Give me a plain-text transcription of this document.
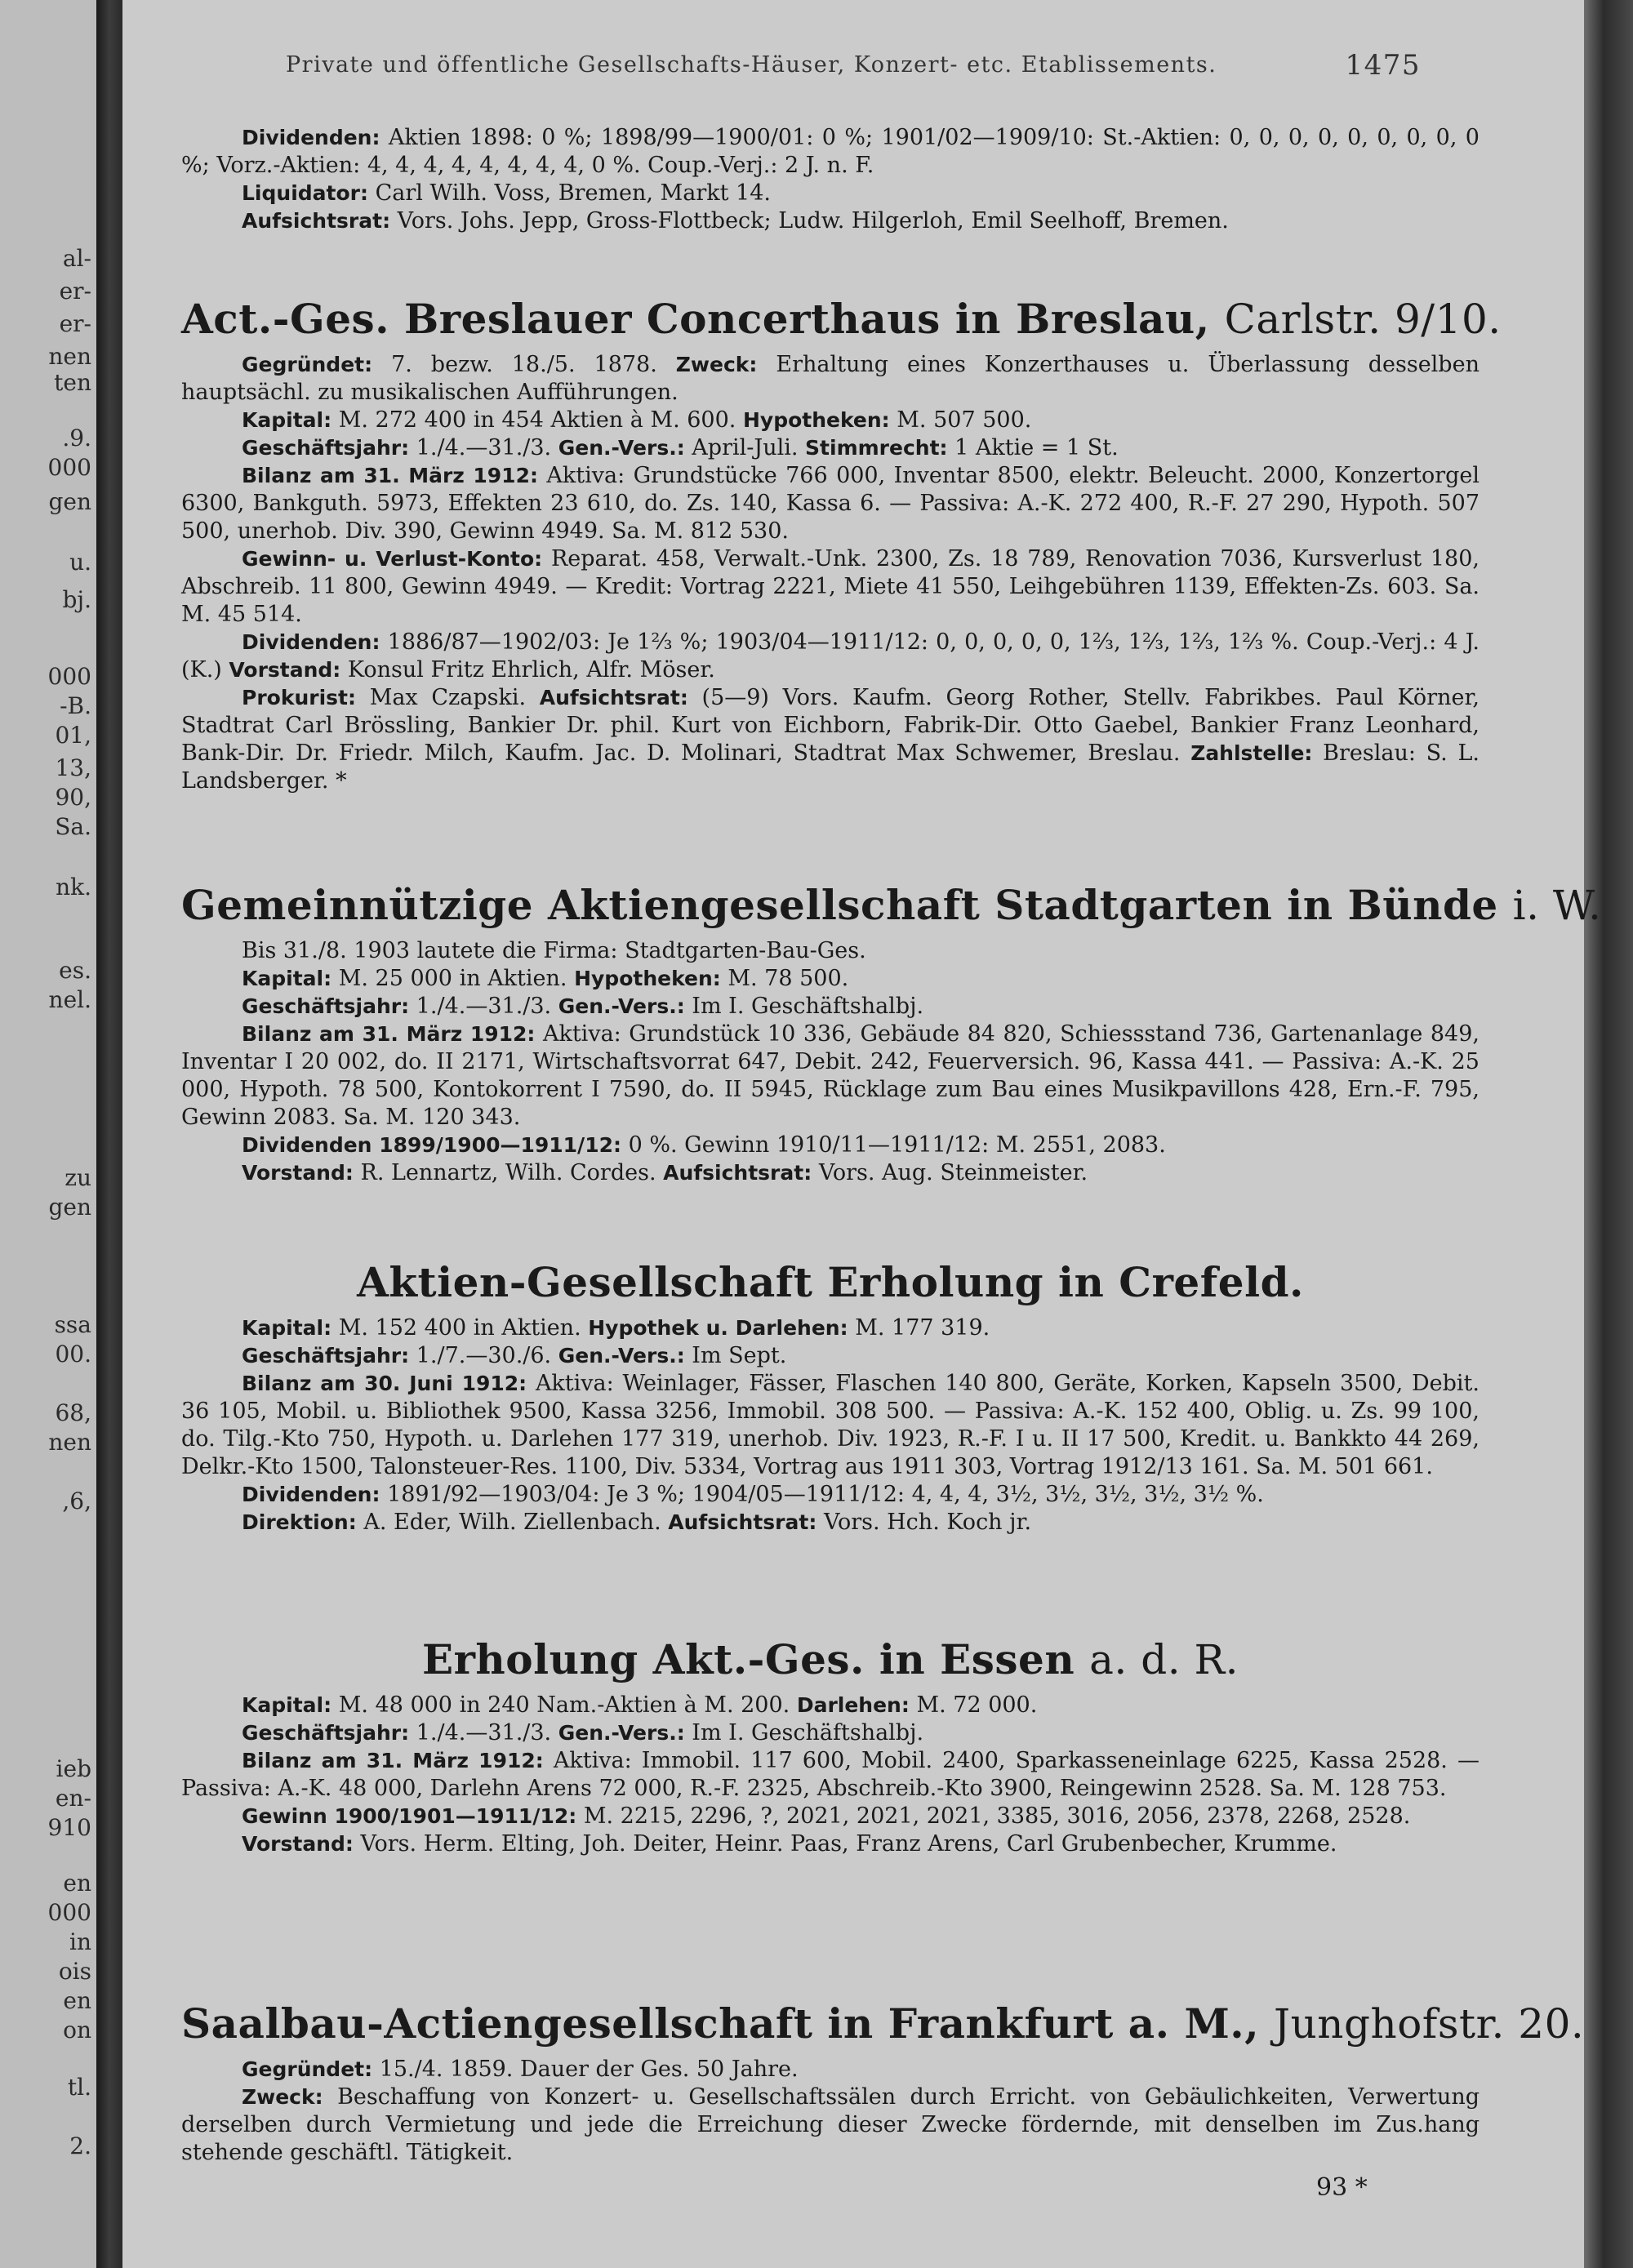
al-
er-
er-
nen
ten
.9.
000
gen
u.
bj.
000
-B.
01,
13,
90,
Sa.
nk.
es.
nel.
zu
gen
ssa
00.
68,
nen
,6,
ieb
en-
910
en
000
in
ois
en
on
tl.
2.
Private und öffentliche Gesellschafts-Häuser, Konzert- etc. Etablissements.	1475

Dividenden: Aktien 1898: 0 %; 1898/99—1900/01: 0 %; 1901/02—1909/10: St.-Aktien: 0, 0, 0, 0, 0, 0, 0, 0, 0 %; Vorz.-Aktien: 4, 4, 4, 4, 4, 4, 4, 4, 0 %. Coup.-Verj.: 2 J. n. F.

Liquidator: Carl Wilh. Voss, Bremen, Markt 14.

Aufsichtsrat: Vors. Johs. Jepp, Gross-Flottbeck; Ludw. Hilgerloh, Emil Seelhoff, Bremen.

Act.-Ges. Breslauer Concerthaus in Breslau, Carlstr. 9/10.

Gegründet: 7. bezw. 18./5. 1878. Zweck: Erhaltung eines Konzerthauses u. Überlassung desselben hauptsächl. zu musikalischen Aufführungen.

Kapital: M. 272 400 in 454 Aktien à M. 600. Hypotheken: M. 507 500.

Geschäftsjahr: 1./4.—31./3. Gen.-Vers.: April-Juli. Stimmrecht: 1 Aktie = 1 St.

Bilanz am 31. März 1912: Aktiva: Grundstücke 766 000, Inventar 8500, elektr. Beleucht. 2000, Konzertorgel 6300, Bankguth. 5973, Effekten 23 610, do. Zs. 140, Kassa 6. — Passiva: A.-K. 272 400, R.-F. 27 290, Hypoth. 507 500, unerhob. Div. 390, Gewinn 4949. Sa. M. 812 530.

Gewinn- u. Verlust-Konto: Reparat. 458, Verwalt.-Unk. 2300, Zs. 18 789, Renovation 7036, Kursverlust 180, Abschreib. 11 800, Gewinn 4949. — Kredit: Vortrag 2221, Miete 41 550, Leihgebühren 1139, Effekten-Zs. 603. Sa. M. 45 514.

Dividenden: 1886/87—1902/03: Je 1⅔ %; 1903/04—1911/12: 0, 0, 0, 0, 0, 1⅔, 1⅔, 1⅔, 1⅔ %. Coup.-Verj.: 4 J. (K.) Vorstand: Konsul Fritz Ehrlich, Alfr. Möser.

Prokurist: Max Czapski. Aufsichtsrat: (5—9) Vors. Kaufm. Georg Rother, Stellv. Fabrikbes. Paul Körner, Stadtrat Carl Brössling, Bankier Dr. phil. Kurt von Eichborn, Fabrik-Dir. Otto Gaebel, Bankier Franz Leonhard, Bank-Dir. Dr. Friedr. Milch, Kaufm. Jac. D. Molinari, Stadtrat Max Schwemer, Breslau. Zahlstelle: Breslau: S. L. Landsberger. *

Gemeinnützige Aktiengesellschaft Stadtgarten in Bünde i. W.

Bis 31./8. 1903 lautete die Firma: Stadtgarten-Bau-Ges.

Kapital: M. 25 000 in Aktien. Hypotheken: M. 78 500.

Geschäftsjahr: 1./4.—31./3. Gen.-Vers.: Im I. Geschäftshalbj.

Bilanz am 31. März 1912: Aktiva: Grundstück 10 336, Gebäude 84 820, Schiessstand 736, Gartenanlage 849, Inventar I 20 002, do. II 2171, Wirtschaftsvorrat 647, Debit. 242, Feuerversich. 96, Kassa 441. — Passiva: A.-K. 25 000, Hypoth. 78 500, Kontokorrent I 7590, do. II 5945, Rücklage zum Bau eines Musikpavillons 428, Ern.-F. 795, Gewinn 2083. Sa. M. 120 343.

Dividenden 1899/1900—1911/12: 0 %. Gewinn 1910/11—1911/12: M. 2551, 2083.

Vorstand: R. Lennartz, Wilh. Cordes. Aufsichtsrat: Vors. Aug. Steinmeister.

Aktien-Gesellschaft Erholung in Crefeld.

Kapital: M. 152 400 in Aktien. Hypothek u. Darlehen: M. 177 319.

Geschäftsjahr: 1./7.—30./6. Gen.-Vers.: Im Sept.

Bilanz am 30. Juni 1912: Aktiva: Weinlager, Fässer, Flaschen 140 800, Geräte, Korken, Kapseln 3500, Debit. 36 105, Mobil. u. Bibliothek 9500, Kassa 3256, Immobil. 308 500. — Passiva: A.-K. 152 400, Oblig. u. Zs. 99 100, do. Tilg.-Kto 750, Hypoth. u. Darlehen 177 319, unerhob. Div. 1923, R.-F. I u. II 17 500, Kredit. u. Bankkto 44 269, Delkr.-Kto 1500, Talonsteuer-Res. 1100, Div. 5334, Vortrag aus 1911 303, Vortrag 1912/13 161. Sa. M. 501 661.

Dividenden: 1891/92—1903/04: Je 3 %; 1904/05—1911/12: 4, 4, 4, 3½, 3½, 3½, 3½, 3½ %.

Direktion: A. Eder, Wilh. Ziellenbach. Aufsichtsrat: Vors. Hch. Koch jr.

Erholung Akt.-Ges. in Essen a. d. R.

Kapital: M. 48 000 in 240 Nam.-Aktien à M. 200. Darlehen: M. 72 000.

Geschäftsjahr: 1./4.—31./3. Gen.-Vers.: Im I. Geschäftshalbj.

Bilanz am 31. März 1912: Aktiva: Immobil. 117 600, Mobil. 2400, Sparkasseneinlage 6225, Kassa 2528. — Passiva: A.-K. 48 000, Darlehn Arens 72 000, R.-F. 2325, Abschreib.-Kto 3900, Reingewinn 2528. Sa. M. 128 753.

Gewinn 1900/1901—1911/12: M. 2215, 2296, ?, 2021, 2021, 2021, 3385, 3016, 2056, 2378, 2268, 2528.

Vorstand: Vors. Herm. Elting, Joh. Deiter, Heinr. Paas, Franz Arens, Carl Grubenbecher, Krumme.

Saalbau-Actiengesellschaft in Frankfurt a. M., Junghofstr. 20.

Gegründet: 15./4. 1859. Dauer der Ges. 50 Jahre.

Zweck: Beschaffung von Konzert- u. Gesellschaftssälen durch Erricht. von Gebäulichkeiten, Verwertung derselben durch Vermietung und jede die Erreichung dieser Zwecke fördernde, mit denselben im Zus.hang stehende geschäftl. Tätigkeit.

93 *
